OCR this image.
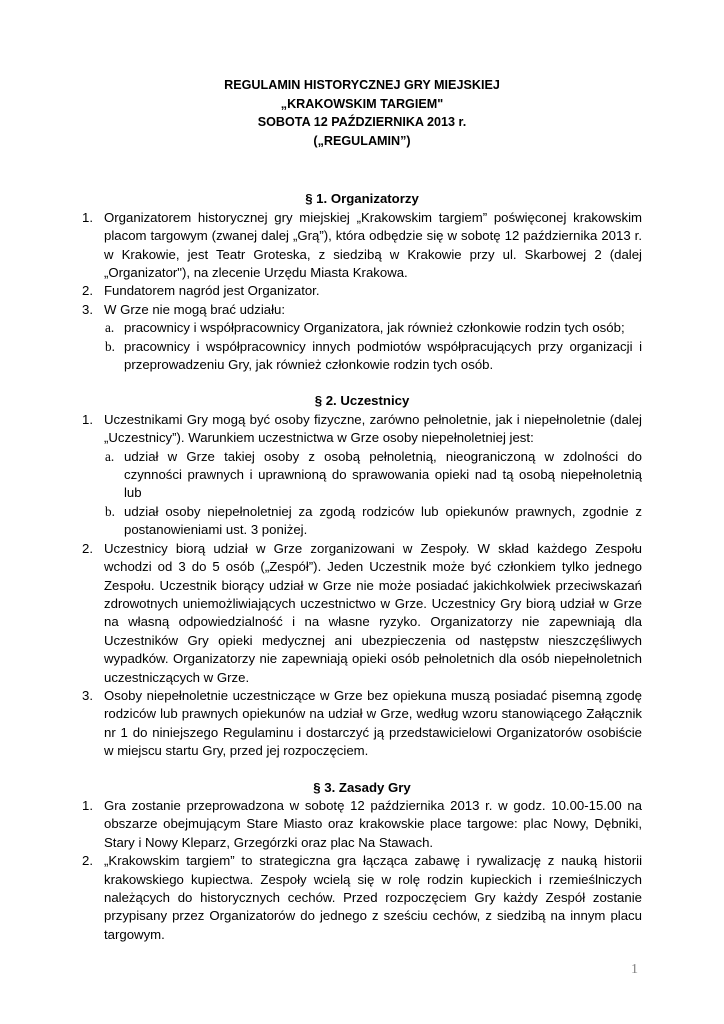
REGULAMIN HISTORYCZNEJ GRY MIEJSKIEJ
„KRAKOWSKIM TARGIEM"
SOBOTA 12 PAŹDZIERNIKA 2013 r.
(„REGULAMIN”)
§ 1. Organizatorzy
1. Organizatorem historycznej gry miejskiej „Krakowskim targiem” poświęconej krakowskim placom targowym (zwanej dalej „Grą”), która odbędzie się w sobotę 12 października 2013 r. w Krakowie, jest Teatr Groteska, z siedzibą w Krakowie przy ul. Skarbowej 2 (dalej „Organizator"), na zlecenie Urzędu Miasta Krakowa.
2. Fundatorem nagród jest Organizator.
3. W Grze nie mogą brać udziału:
a. pracownicy i współpracownicy Organizatora, jak również członkowie rodzin tych osób;
b. pracownicy i współpracownicy innych podmiotów współpracujących przy organizacji i przeprowadzeniu Gry, jak również członkowie rodzin tych osób.
§ 2. Uczestnicy
1. Uczestnikami Gry mogą być osoby fizyczne, zarówno pełnoletnie, jak i niepełnoletnie (dalej „Uczestnicy”). Warunkiem uczestnictwa w Grze osoby niepełnoletniej jest:
a. udział w Grze takiej osoby z osobą pełnoletnią, nieograniczoną w zdolności do czynności prawnych i uprawnioną do sprawowania opieki nad tą osobą niepełnoletnią lub
b. udział osoby niepełnoletniej za zgodą rodziców lub opiekunów prawnych, zgodnie z postanowieniami ust. 3 poniżej.
2. Uczestnicy biorą udział w Grze zorganizowani w Zespoły. W skład każdego Zespołu wchodzi od 3 do 5 osób („Zespół”). Jeden Uczestnik może być członkiem tylko jednego Zespołu. Uczestnik biorący udział w Grze nie może posiadać jakichkolwiek przeciwskazań zdrowotnych uniemożliwiających uczestnictwo w Grze. Uczestnicy Gry biorą udział w Grze na własną odpowiedzialność i na własne ryzyko. Organizatorzy nie zapewniają dla Uczestników Gry opieki medycznej ani ubezpieczenia od następstw nieszczęśliwych wypadków. Organizatorzy nie zapewniają opieki osób pełnoletnich dla osób niepełnoletnich uczestniczących w Grze.
3. Osoby niepełnoletnie uczestniczące w Grze bez opiekuna muszą posiadać pisemną zgodę rodziców lub prawnych opiekunów na udział w Grze, według wzoru stanowiącego Załącznik nr 1 do niniejszego Regulaminu i dostarczyć ją przedstawicielowi Organizatorów osobiście w miejscu startu Gry, przed jej rozpoczęciem.
§ 3. Zasady Gry
1. Gra zostanie przeprowadzona w sobotę 12 października 2013 r. w godz. 10.00-15.00 na obszarze obejmującym Stare Miasto oraz krakowskie place targowe: plac Nowy, Dębniki, Stary i Nowy Kleparz, Grzegórzki oraz plac Na Stawach.
2. „Krakowskim targiem” to strategiczna gra łącząca zabawę i rywalizację z nauką historii krakowskiego kupiectwa. Zespoły wcielą się w rolę rodzin kupieckich i rzemieślniczych należących do historycznych cechów. Przed rozpoczęciem Gry każdy Zespół zostanie przypisany przez Organizatorów do jednego z sześciu cechów, z siedzibą na innym placu targowym.
1
